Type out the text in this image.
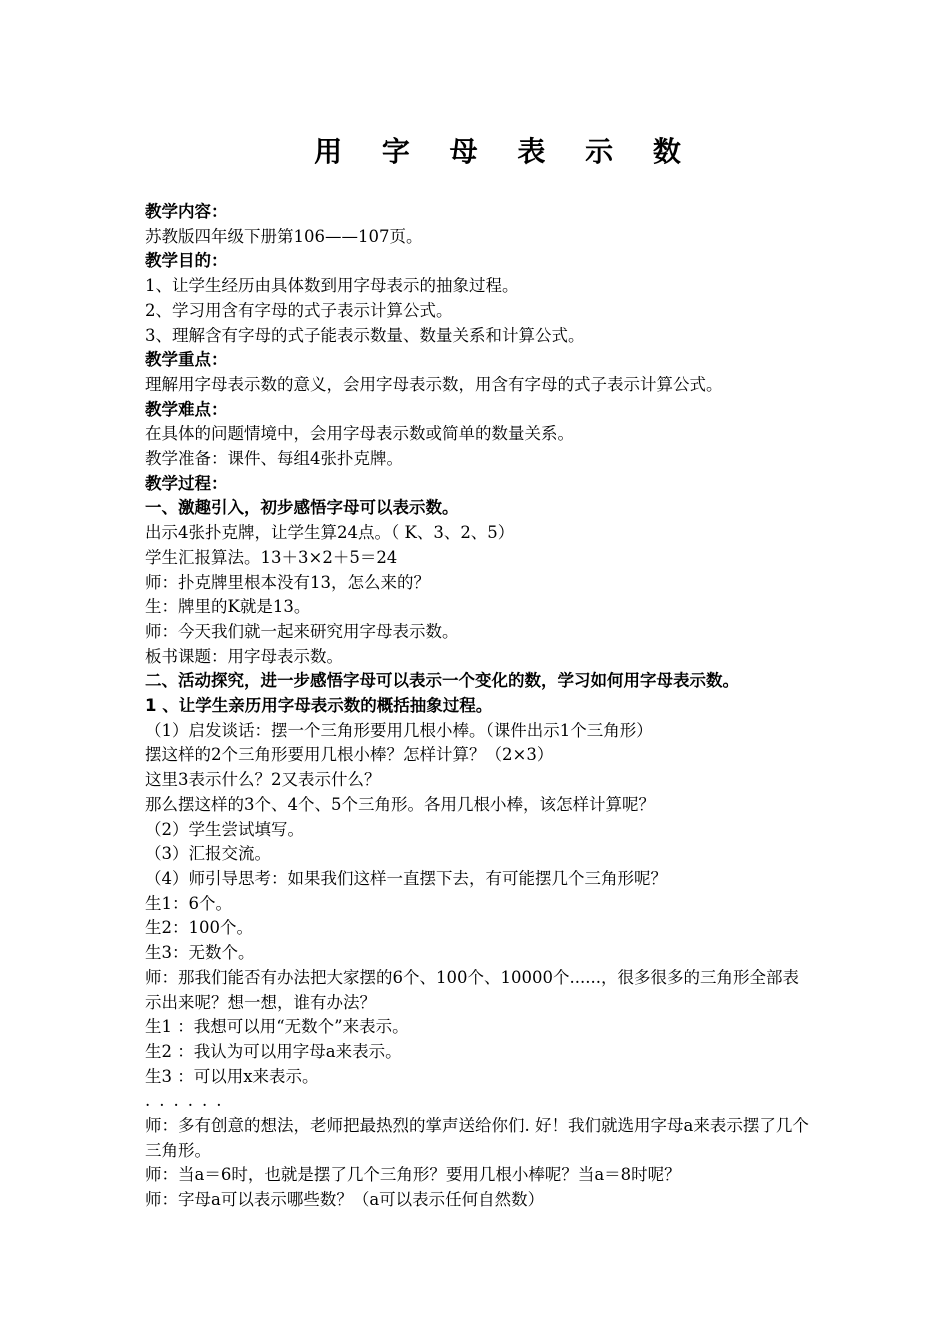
用 字 母 表 示 数
教学内容：
苏教版四年级下册第106——107页。
教学目的：
1、让学生经历由具体数到用字母表示的抽象过程。
2、学习用含有字母的式子表示计算公式。
3、理解含有字母的式子能表示数量、数量关系和计算公式。
教学重点：
理解用字母表示数的意义，会用字母表示数，用含有字母的式子表示计算公式。
教学难点：
在具体的问题情境中，会用字母表示数或简单的数量关系。
教学准备：课件、每组4张扑克牌。
教学过程：
一、激趣引入，初步感悟字母可以表示数。
出示4张扑克牌，让学生算24点。（ K、3、2、5）
学生汇报算法。13＋3×2＋5＝24
师：扑克牌里根本没有13，怎么来的？
生：牌里的K就是13。
师：今天我们就一起来研究用字母表示数。
板书课题：用字母表示数。
二、活动探究，进一步感悟字母可以表示一个变化的数，学习如何用字母表示数。
1 、让学生亲历用字母表示数的概括抽象过程。
（1）启发谈话：摆一个三角形要用几根小棒。（课件出示1个三角形）
摆这样的2个三角形要用几根小棒？怎样计算？（2×3）
这里3表示什么？2又表示什么？
那么摆这样的3个、4个、5个三角形。各用几根小棒，该怎样计算呢？
（2）学生尝试填写。
（3）汇报交流。
（4）师引导思考：如果我们这样一直摆下去，有可能摆几个三角形呢？
生1：6个。
生2：100个。
生3：无数个。
师：那我们能否有办法把大家摆的6个、100个、10000个......，很多很多的三角形全部表示出来呢？想一想，谁有办法？
生1 ：我想可以用“无数个”来表示。
生2 ：我认为可以用字母a来表示。
生3 ：可以用x来表示。
......
师：多有创意的想法，老师把最热烈的掌声送给你们. 好！我们就选用字母a来表示摆了几个三角形。
师：当a＝6时，也就是摆了几个三角形？要用几根小棒呢？当a＝8时呢？
师：字母a可以表示哪些数？（a可以表示任何自然数）
